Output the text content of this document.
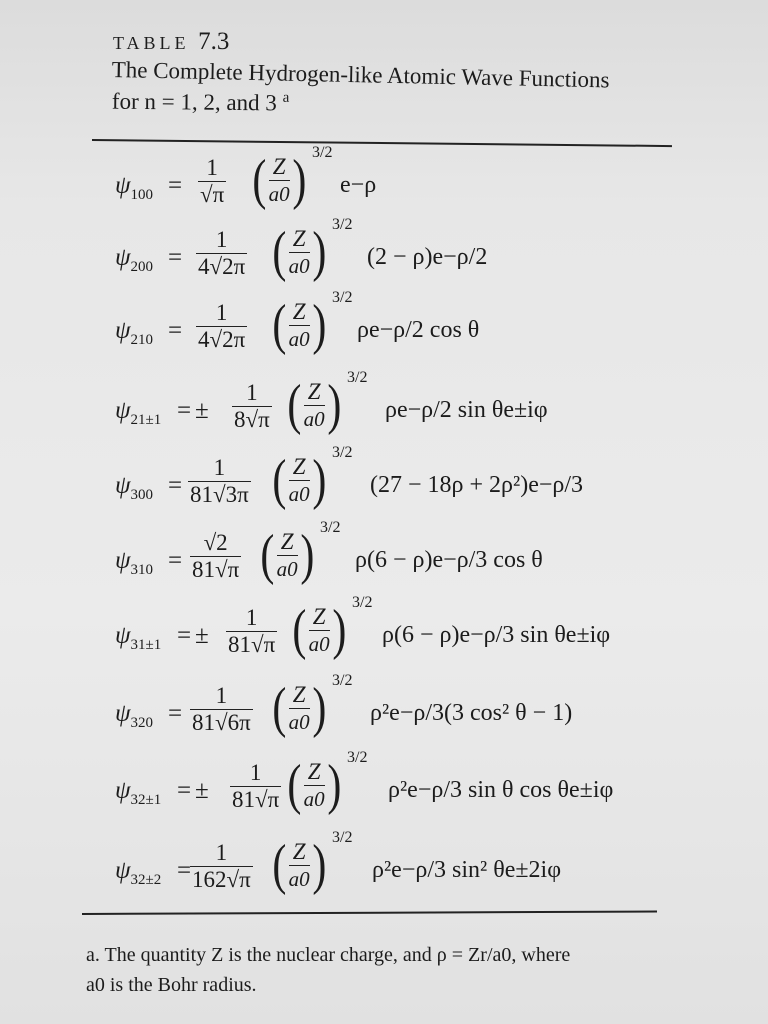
TABLE 7.3
The Complete Hydrogen-like Atomic Wave Functions
for n = 1, 2, and 3 $^a$
$\psi_{100} = \frac{1}{√\pi}$ ( $\frac{Z}{a0}$ ) 3/2
e−ρ
$\psi_{200} = \frac{1}{4√2\pi}$ ( $\frac{Z}{a0}$ ) 3/2
(2 − ρ)e−ρ/2
$\psi_{210} = \frac{1}{4√2\pi}$ ( $\frac{Z}{a0}$ ) 3/2
ρe−ρ/2 cos θ
$\psi_{21\pm 1}$ = ± $\frac{1}{8√\pi}$ ( $\frac{Z}{a0}$ ) 3/2
ρe−ρ/2 sin θe±iφ
$\psi_{300} = \frac{1}{81√3\pi}$ ( $\frac{Z}{a0}$ ) 3/2
(27 − 18ρ + 2ρ²)e−ρ/3
$\psi_{310} = \frac{√2}{81√\pi}$ ( $\frac{Z}{a0}$ ) 3/2
ρ(6 − ρ)e−ρ/3 cos θ
$\psi_{31\pm 1}$ = ± $\frac{1}{81√\pi}$ ( $\frac{Z}{a0}$ ) 3/2
ρ(6 − ρ)e−ρ/3 sin θe±iφ
$\psi_{320} = \frac{1}{81√6\pi}$ ( $\frac{Z}{a0}$ ) 3/2
ρ²e−ρ/3(3 cos² θ − 1)
$\psi_{32\pm 1}$ = ± $\frac{1}{81√\pi}$ ( $\frac{Z}{a0}$ ) 3/2
ρ²e−ρ/3 sin θ cos θe±iφ
$\psi_{32\pm 2}$ =
$\frac{1}{162√\pi}$ ( $\frac{Z}{a0}$ ) 3/2
ρ²e−ρ/3 sin² θe±2iφ
a. The quantity Z is the nuclear charge, and ρ = Zr/a0, where
a0 is the Bohr radius.
